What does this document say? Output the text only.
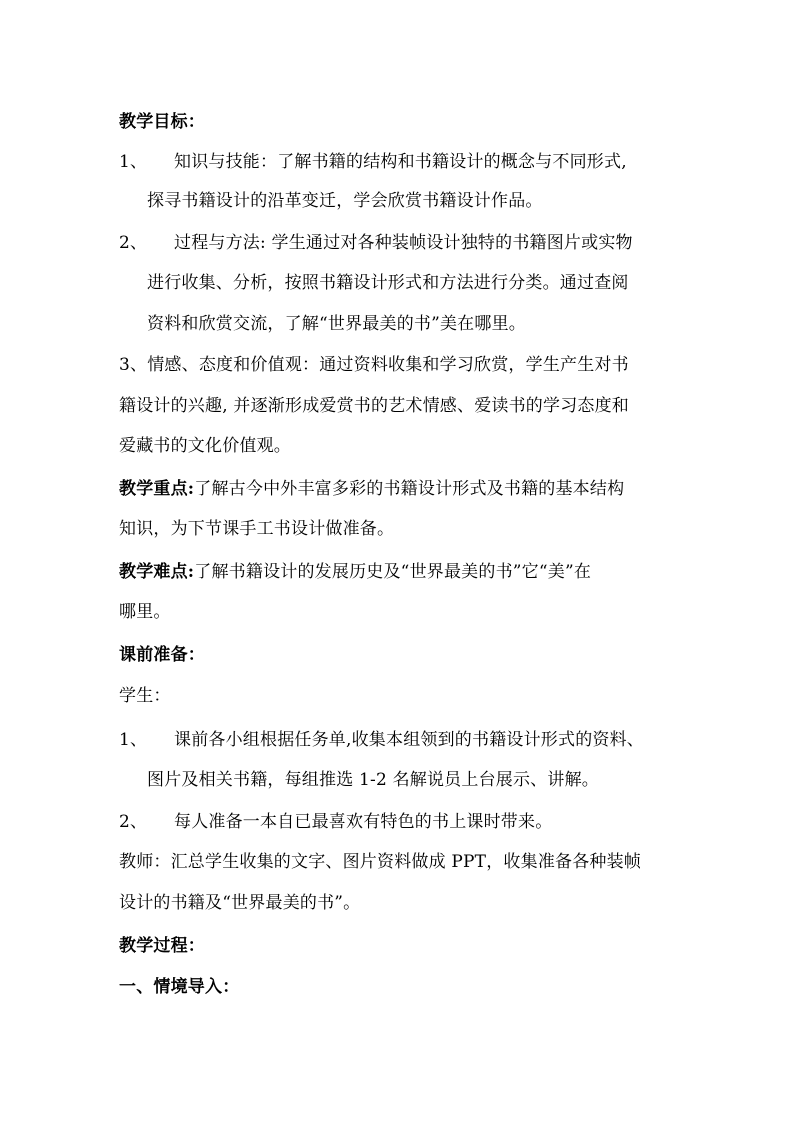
教学目标：
1、 知识与技能：了解书籍的结构和书籍设计的概念与不同形式,
探寻书籍设计的沿革变迁，学会欣赏书籍设计作品。
2、 过程与方法: 学生通过对各种装帧设计独特的书籍图片或实物
进行收集、分析，按照书籍设计形式和方法进行分类。通过查阅
资料和欣赏交流，了解“世界最美的书”美在哪里。
3、情感、态度和价值观：通过资料收集和学习欣赏，学生产生对书
籍设计的兴趣, 并逐渐形成爱赏书的艺术情感、爱读书的学习态度和
爱藏书的文化价值观。
教学重点:了解古今中外丰富多彩的书籍设计形式及书籍的基本结构
知识，为下节课手工书设计做准备。
教学难点:了解书籍设计的发展历史及“世界最美的书”它“美”在
哪里。
课前准备：
学生：
1、 课前各小组根据任务单,收集本组领到的书籍设计形式的资料、
图片及相关书籍，每组推选 1-2 名解说员上台展示、讲解。
2、 每人准备一本自已最喜欢有特色的书上课时带来。
教师：汇总学生收集的文字、图片资料做成 PPT，收集准备各种装帧
设计的书籍及“世界最美的书”。
教学过程：
一、情境导入：
